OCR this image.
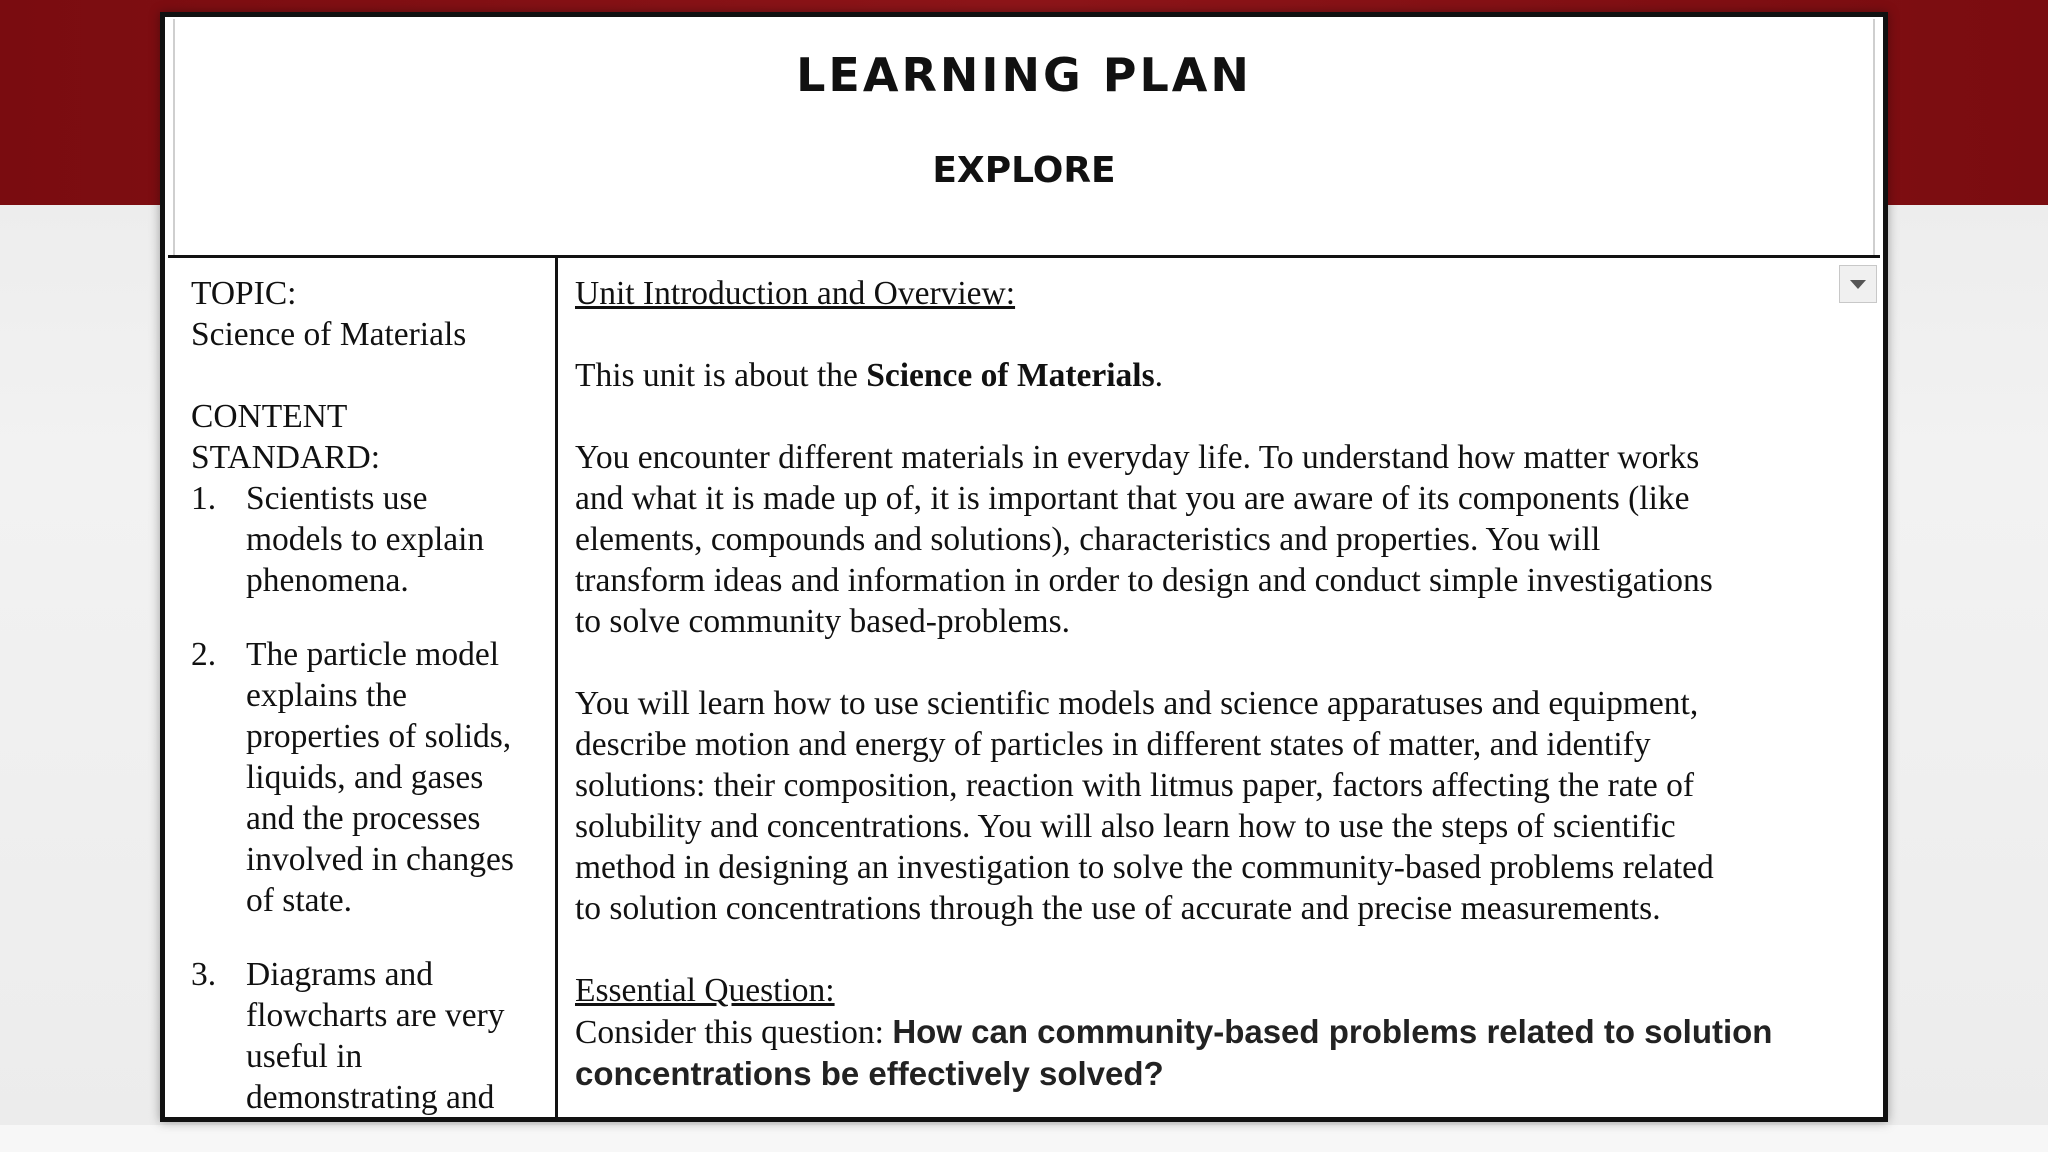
LEARNING PLAN
EXPLORE

TOPIC:

Science of Materials

CONTENT
STANDARD:

1. Scientists use
models to explain
phenomena.
2. The particle model
explains the
properties of solids,
liquids, and gases
and the processes
involved in changes
of state.
3. Diagrams and
flowcharts are very
useful in
demonstrating and

Unit Introduction and Overview:

This unit is about the Science of Materials.

You encounter different materials in everyday life. To understand how matter works
and what it is made up of, it is important that you are aware of its components (like
elements, compounds and solutions), characteristics and properties. You will
transform ideas and information in order to design and conduct simple investigations
to solve community based-problems.

You will learn how to use scientific models and science apparatuses and equipment,
describe motion and energy of particles in different states of matter, and identify
solutions: their composition, reaction with litmus paper, factors affecting the rate of
solubility and concentrations. You will also learn how to use the steps of scientific
method in designing an investigation to solve the community-based problems related
to solution concentrations through the use of accurate and precise measurements.

Essential Question:

Consider this question: How can community-based problems related to solution
concentrations be effectively solved?
